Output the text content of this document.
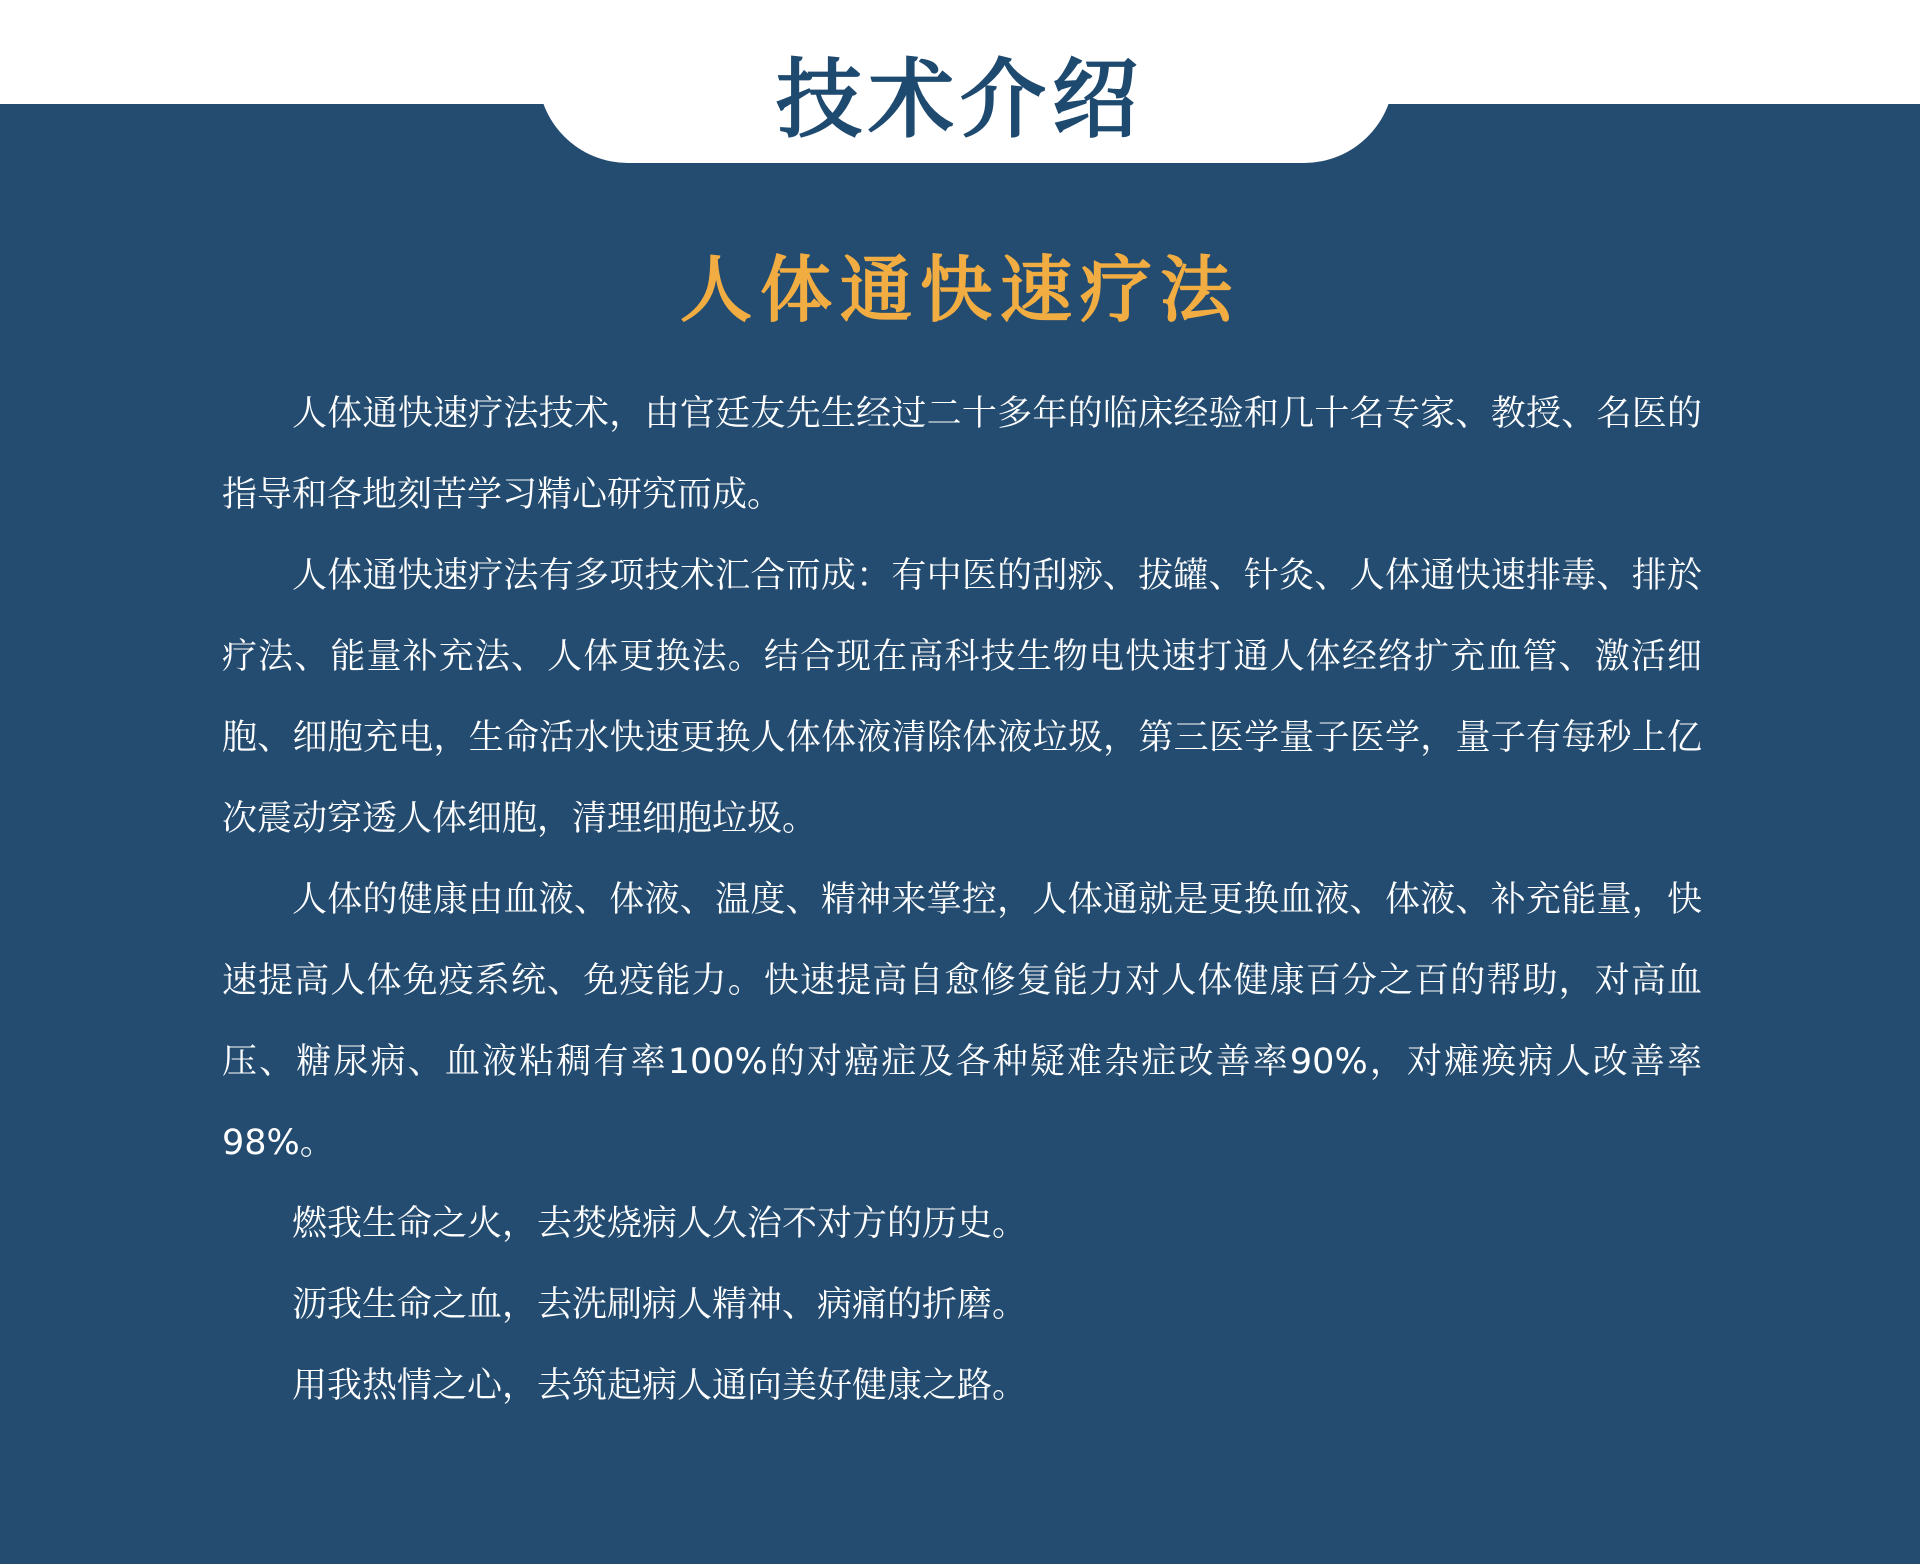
技术介绍
人体通快速疗法

人体通快速疗法技术，由官廷友先生经过二十多年的临床经验和几十名专家、教授、名医的指导和各地刻苦学习精心研究而成。

人体通快速疗法有多项技术汇合而成：有中医的刮痧、拔罐、针灸、人体通快速排毒、排於疗法、能量补充法、人体更换法。结合现在高科技生物电快速打通人体经络扩充血管、激活细胞、细胞充电，生命活水快速更换人体体液清除体液垃圾，第三医学量子医学，量子有每秒上亿次震动穿透人体细胞，清理细胞垃圾。

人体的健康由血液、体液、温度、精神来掌控，人体通就是更换血液、体液、补充能量，快速提高人体免疫系统、免疫能力。快速提高自愈修复能力对人体健康百分之百的帮助，对高血压、糖尿病、血液粘稠有率100%的对癌症及各种疑难杂症改善率90%，对瘫痪病人改善率98%。

燃我生命之火，去焚烧病人久治不对方的历史。

沥我生命之血，去洗刷病人精神、病痛的折磨。

用我热情之心，去筑起病人通向美好健康之路。
